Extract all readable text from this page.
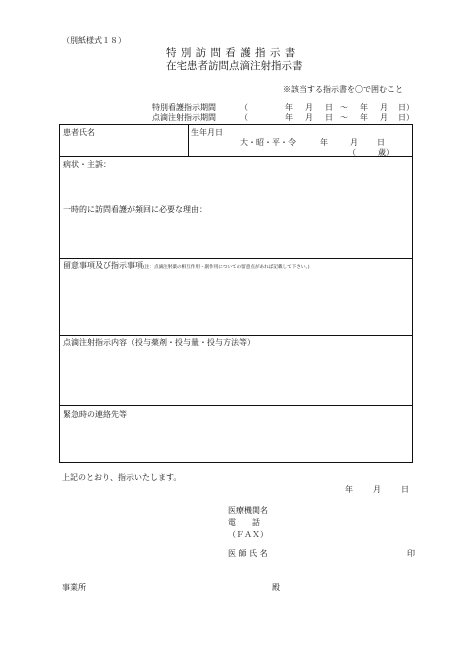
（別紙様式１８）
特 別 訪 問 看 護 指 示 書
在宅患者訪問点滴注射指示書
※該当する指示書を〇で囲むこと
特別看護指示期間	（	年 月 日 ～ 年 月 日）
点滴注射指示期間	（	年 月 日 ～ 年 月 日）
患者氏名	生年月日
大・昭・平・令	年	月 日
（	歳）
病状・主訴：
一時的に訪問看護が頻回に必要な理由：
留意事項及び指示事項(注：点滴注射薬の相互作用・副作用についての留意点があれば記載して下さい。)
点滴注射指示内容（投与薬剤・投与量・投与方法等）
緊急時の連絡先等
上記のとおり、指示いたします。
年	月	日
医療機関名
電　　話
（ＦＡＸ）
医 師 氏 名	印
事業所	殿
